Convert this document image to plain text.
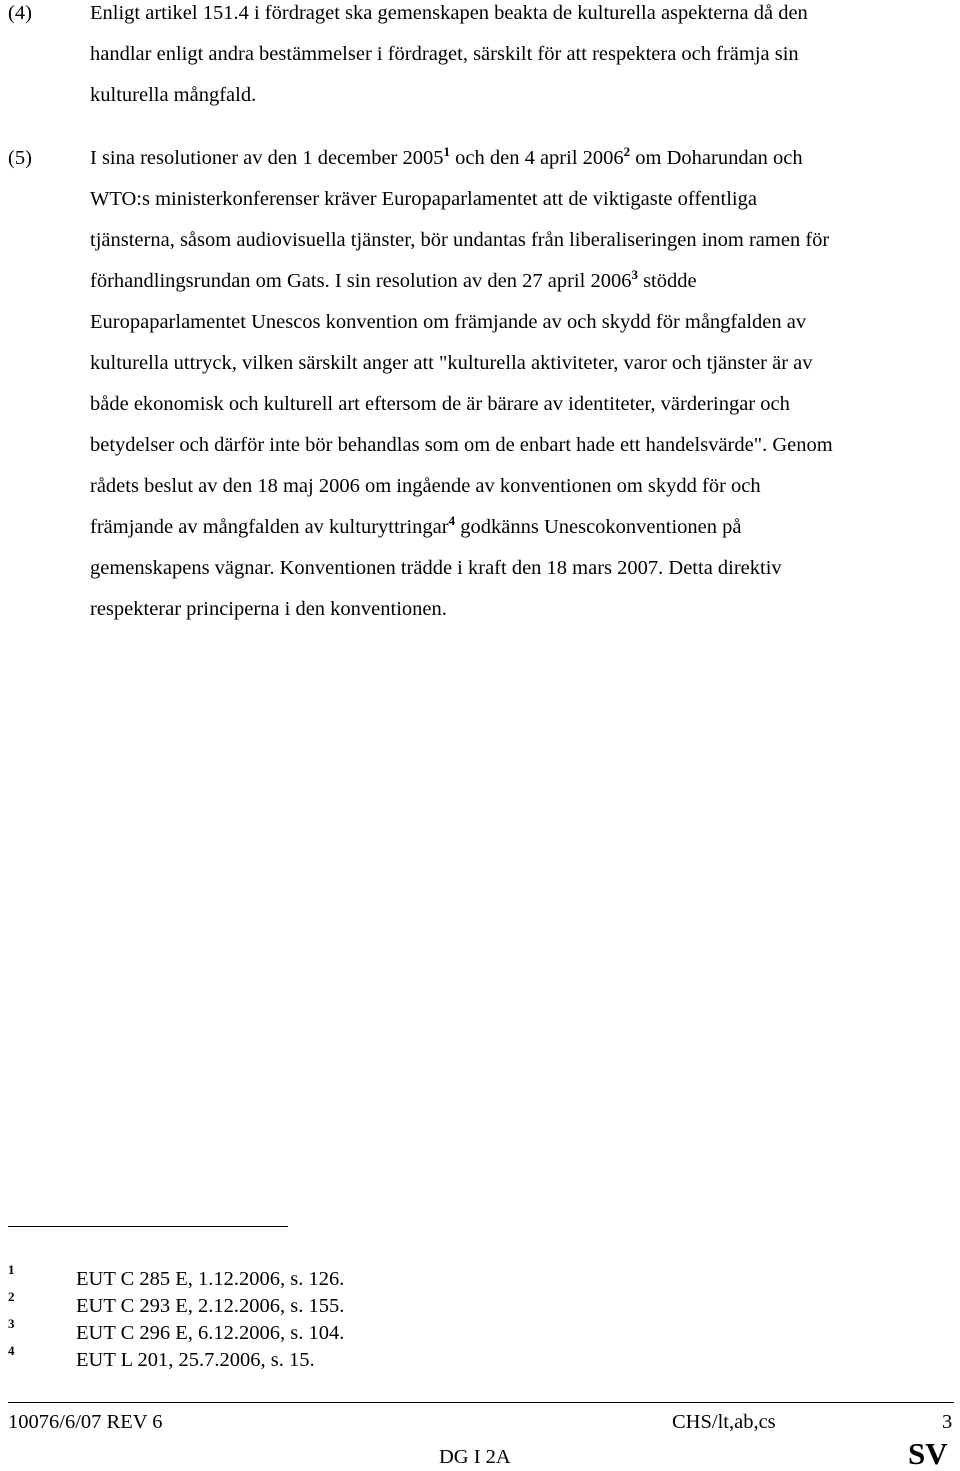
(4)	Enligt artikel 151.4 i fördraget ska gemenskapen beakta de kulturella aspekterna då den
handlar enligt andra bestämmelser i fördraget, särskilt för att respektera och främja sin
kulturella mångfald.
(5)	I sina resolutioner av den 1 december 2005$^1$ och den 4 april 2006$^2$ om Doharundan och
WTO:s ministerkonferenser kräver Europaparlamentet att de viktigaste offentliga
tjänsterna, såsom audiovisuella tjänster, bör undantas från liberaliseringen inom ramen för
förhandlingsrundan om Gats. I sin resolution av den 27 april 2006$^3$ stödde
Europaparlamentet Unescos konvention om främjande av och skydd för mångfalden av
kulturella uttryck, vilken särskilt anger att "kulturella aktiviteter, varor och tjänster är av
både ekonomisk och kulturell art eftersom de är bärare av identiteter, värderingar och
betydelser och därför inte bör behandlas som om de enbart hade ett handelsvärde". Genom
rådets beslut av den 18 maj 2006 om ingående av konventionen om skydd för och
främjande av mångfalden av kulturyttringar$^4$ godkänns Unescokonventionen på
gemenskapens vägnar. Konventionen trädde i kraft den 18 mars 2007. Detta direktiv
respekterar principerna i den konventionen.
1	EUT C 285 E, 1.12.2006, s. 126.
2	EUT C 293 E, 2.12.2006, s. 155.
3	EUT C 296 E, 6.12.2006, s. 104.
4	EUT L 201, 25.7.2006, s. 15.
10076/6/07 REV 6	CHS/lt,ab,cs	3
DG I 2A	SV
